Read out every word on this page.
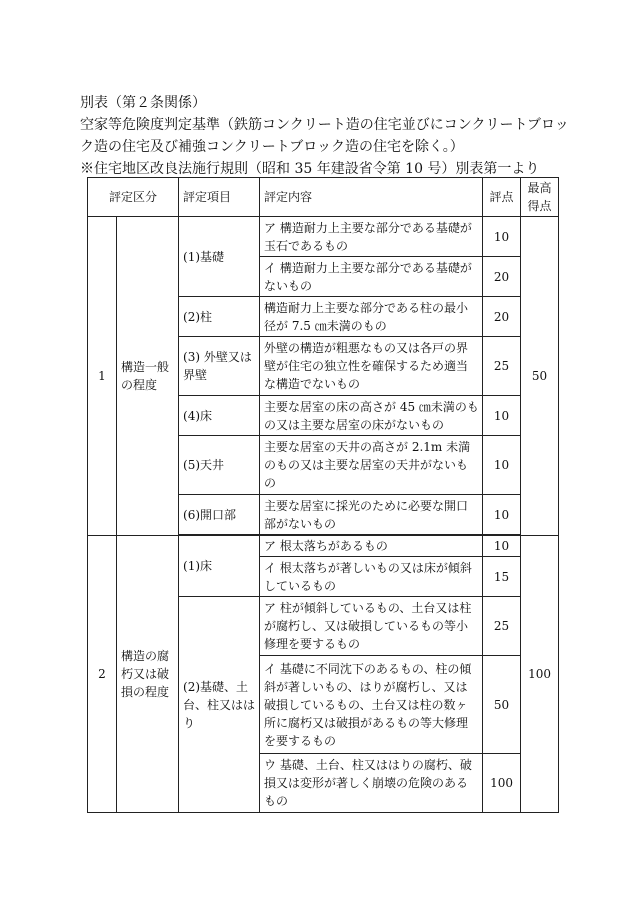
別表（第２条関係）
空家等危険度判定基準（鉄筋コンクリート造の住宅並びにコンクリートブロッ
ク造の住宅及び補強コンクリートブロック造の住宅を除く。）
※住宅地区改良法施行規則（昭和 35 年建設省令第 10 号）別表第一より
評定区分		評定項目	評定内容	評点	最高得点
1	構造一般の程度	(1)基礎	ア 構造耐力上主要な部分である基礎が玉石であるもの	10	50
			イ 構造耐力上主要な部分である基礎がないもの	20	
		(2)柱	構造耐力上主要な部分である柱の最小径が 7.5 ㎝未満のもの	20	
		(3) 外壁又は界壁	外壁の構造が粗悪なもの又は各戸の界壁が住宅の独立性を確保するため適当な構造でないもの	25	
		(4)床	主要な居室の床の高さが 45 ㎝未満のもの又は主要な居室の床がないもの	10	
		(5)天井	主要な居室の天井の高さが 2.1m 未満のもの又は主要な居室の天井がないもの	10	
		(6)開口部	主要な居室に採光のために必要な開口部がないもの	10	

2	構造の腐朽又は破損の程度	(1)床	ア 根太落ちがあるもの	10	100
			イ 根太落ちが著しいもの又は床が傾斜しているもの	15	
		(2)基礎、土台、柱又ははり	ア 柱が傾斜しているもの、土台又は柱が腐朽し、又は破損しているもの等小修理を要するもの	25	
			イ 基礎に不同沈下のあるもの、柱の傾斜が著しいもの、はりが腐朽し、又は破損しているもの、土台又は柱の数ヶ所に腐朽又は破損があるもの等大修理を要するもの	50	
			ウ 基礎、土台、柱又ははりの腐朽、破損又は変形が著しく崩壊の危険のあるもの	100	
